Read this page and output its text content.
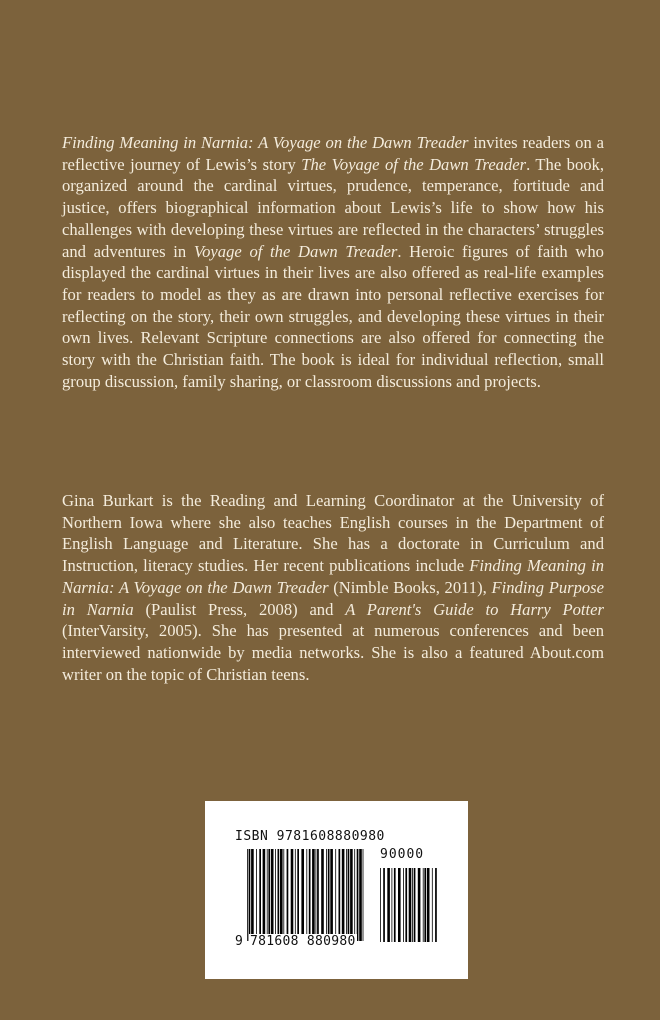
Finding Meaning in Narnia: A Voyage on the Dawn Treader invites readers on a reflective journey of Lewis’s story The Voyage of the Dawn Treader. The book, organized around the cardinal virtues, prudence, temperance, fortitude and justice, offers biographical information about Lewis’s life to show how his challenges with developing these virtues are reflected in the characters’ struggles and adventures in Voyage of the Dawn Treader. Heroic figures of faith who displayed the cardinal virtues in their lives are also offered as real-life examples for readers to model as they as are drawn into personal reflective exercises for reflecting on the story, their own struggles, and developing these virtues in their own lives. Relevant Scripture connections are also offered for connecting the story with the Christian faith. The book is ideal for individual reflection, small group discussion, family sharing, or classroom discussions and projects.

Gina Burkart is the Reading and Learning Coordinator at the University of Northern Iowa where she also teaches English courses in the Department of English Language and Literature. She has a doctorate in Curriculum and Instruction, literacy studies. Her recent publications include Finding Meaning in Narnia: A Voyage on the Dawn Treader (Nimble Books, 2011), Finding Purpose in Narnia (Paulist Press, 2008) and A Parent's Guide to Harry Potter (InterVarsity, 2005). She has presented at numerous conferences and been interviewed nationwide by media networks. She is also a featured About.com writer on the topic of Christian teens.

ISBN 9781608880980
90000
9 781608 880980
